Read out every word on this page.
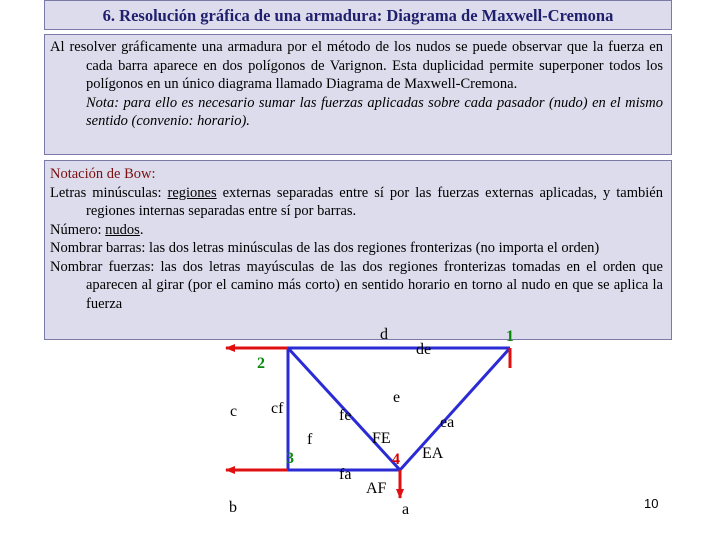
6. Resolución gráfica de una armadura: Diagrama de Maxwell-Cremona

Al resolver gráficamente una armadura por el método de los nudos se puede observar que la fuerza en cada barra aparece en dos polígonos de Varignon. Esta duplicidad permite superponer todos los polígonos en un único diagrama llamado Diagrama de Maxwell-Cremona.

Nota: para ello es necesario sumar las fuerzas aplicadas sobre cada pasador (nudo) en el mismo sentido (convenio: horario).

Notación de Bow:

Letras minúsculas: regiones externas separadas entre sí por las fuerzas externas aplicadas, y también regiones internas separadas entre sí por barras.

Número: nudos.

Nombrar barras: las dos letras minúsculas de las dos regiones fronterizas (no importa el orden)

Nombrar fuerzas: las dos letras mayúsculas de las dos regiones fronterizas tomadas en el orden que aparecen al girar (por el camino más corto) en sentido horario en torno al nudo en que se aplica la fuerza

d
e
f
c
b	a
cf	fe
fa
de
ea
FE
EA
AF
1
2
3	4
10
